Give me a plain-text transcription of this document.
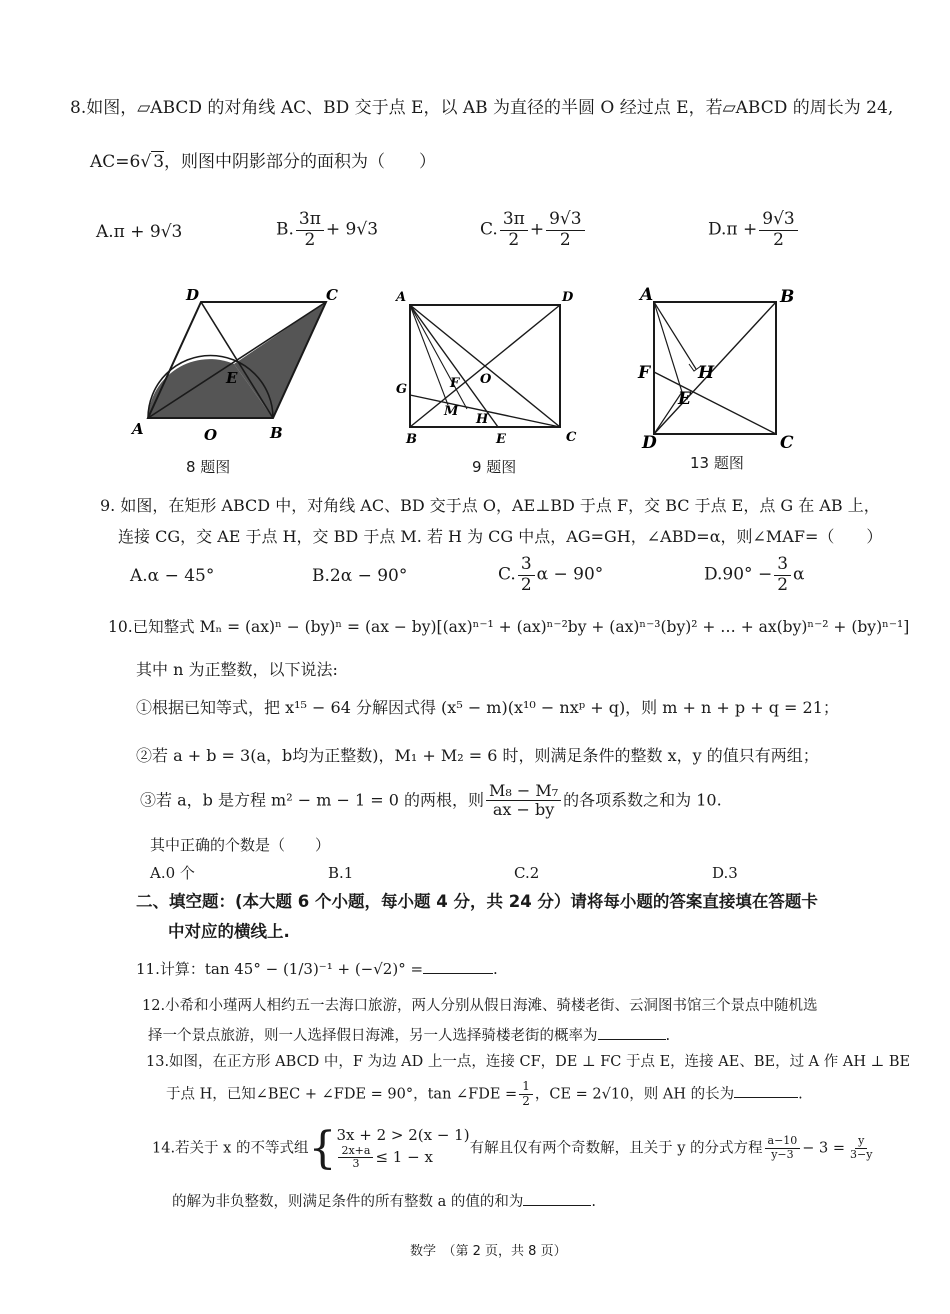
8.如图，▱ABCD 的对角线 AC、BD 交于点 E，以 AB 为直径的半圆 O 经过点 E，若▱ABCD 的周长为 24,
AC=6√ 3，则图中阴影部分的面积为（　　）
A.π + 9√3	B. $\frac{3\pi}{2} + 9√3$	C. $\frac{3\pi}{2} + \frac{9√3}{2}$	$D.\pi + \frac{9√3}{2}$
D	C
A	B
E
O
8 题图
A	D
B	C
E
G	F O
M
H
9 题图
A	B
F	H
E
D	C
13 题图
9. 如图，在矩形 ABCD 中，对角线 AC、BD 交于点 O，AE⊥BD 于点 F，交 BC 于点 E，点 G 在 AB 上，
连接 CG，交 AE 于点 H，交 BD 于点 M. 若 H 为 CG 中点，AG=GH，∠ABD=α，则∠MAF=（　　）
A.α − 45°	B.2α − 90°	C. $\frac{3}{2}$ α − 90°	$D.90^\circ - \frac{3}{2}$ α
10.已知整式 Mₙ = (ax)ⁿ − (by)ⁿ = (ax − by)[(ax)ⁿ⁻¹ + (ax)ⁿ⁻²by + (ax)ⁿ⁻³(by)² + … + ax(by)ⁿ⁻² + (by)ⁿ⁻¹]
其中 n 为正整数，以下说法:
①根据已知等式，把 x¹⁵ − 64 分解因式得 (x⁵ − m)(x¹⁰ − nxᵖ + q)，则 m + n + p + q = 21；
②若 a + b = 3(a，b均为正整数)，M₁ + M₂ = 6 时，则满足条件的整数 x，y 的值只有两组；
③若 a，b 是方程 m² − m − 1 = 0 的两根，则 $\frac{\text{M₈ − M₇}}{ax - by}$ 的各项系数之和为 10.
其中正确的个数是（　　）
A.0 个	B.1	C.2	D.3
二、填空题：(本大题 6 个小题，每小题 4 分，共 24 分）请将每小题的答案直接填在答题卡
中对应的横线上.
11.计算：tan 45° − (1/3)⁻¹ + (−√2)° =	.
12.小希和小瑾两人相约五一去海口旅游，两人分别从假日海滩、骑楼老街、云洞图书馆三个景点中随机选
择一个景点旅游，则一人选择假日海滩，另一人选择骑楼老街的概率为	.
13.如图，在正方形 ABCD 中，F 为边 AD 上一点，连接 CF，DE ⊥ FC 于点 E，连接 AE、BE，过 A 作 AH ⊥ BE
于点 H，已知∠BEC + ∠FDE = 90°，tan ∠FDE = $\frac{1}{2}$ ，CE = 2√10，则 AH 的长为	.
14.若关于 x 的不等式组{ 3x + 2 > 2(x − 1)
$\frac{2x+a}{3} \le 1 - x$	有解且仅有两个奇数解，且关于 y 的分式方程 $\frac{a-10}{y-3} - 3 = \frac{y}{3-y}$
的解为非负整数，则满足条件的所有整数 a 的值的和为	.
数学　（第 2 页，共 8 页）
